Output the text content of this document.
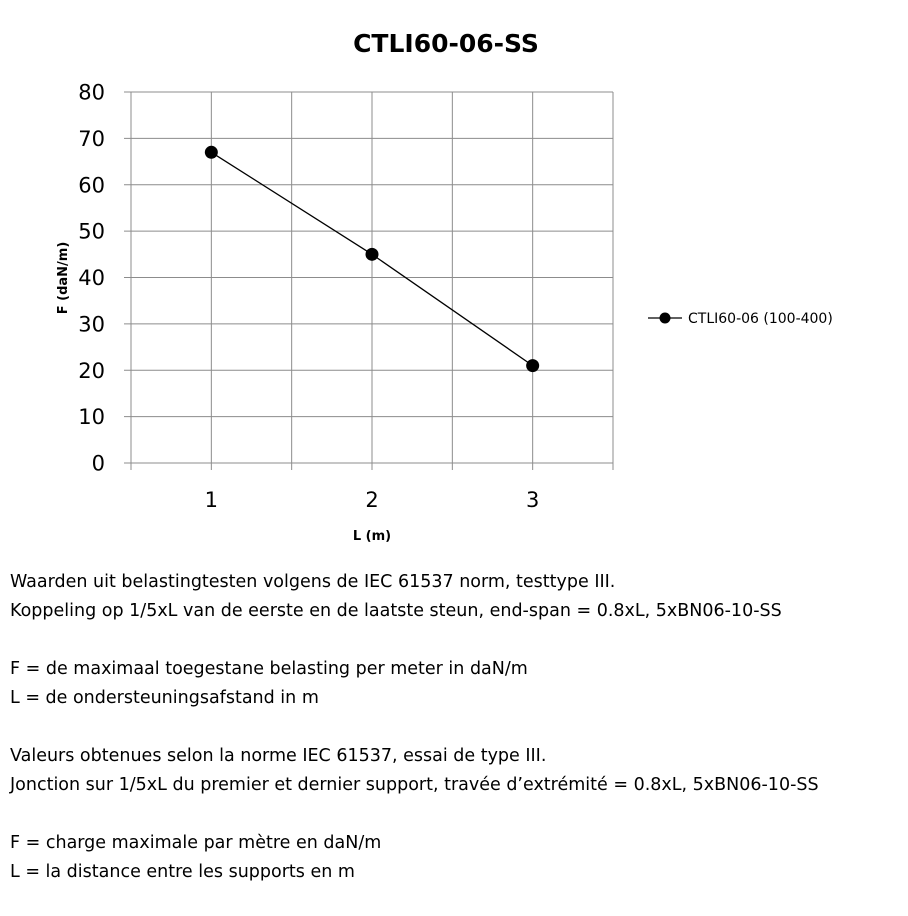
CTLI60-06-SS
0
10
20
30
40
50
60
70
80
1	2	3
F (daN/m)
L (m)
CTLI60-06 (100-400)
Waarden uit belastingtesten volgens de IEC 61537 norm, testtype III.
Koppeling op 1/5xL van de eerste en de laatste steun, end-span = 0.8xL, 5xBN06-10-SS
F = de maximaal toegestane belasting per meter in daN/m
L = de ondersteuningsafstand in m
Valeurs obtenues selon la norme IEC 61537, essai de type III.
Jonction sur 1/5xL du premier et dernier support, travée d’extrémité = 0.8xL, 5xBN06-10-SS
F = charge maximale par mètre en daN/m
L = la distance entre les supports en m
